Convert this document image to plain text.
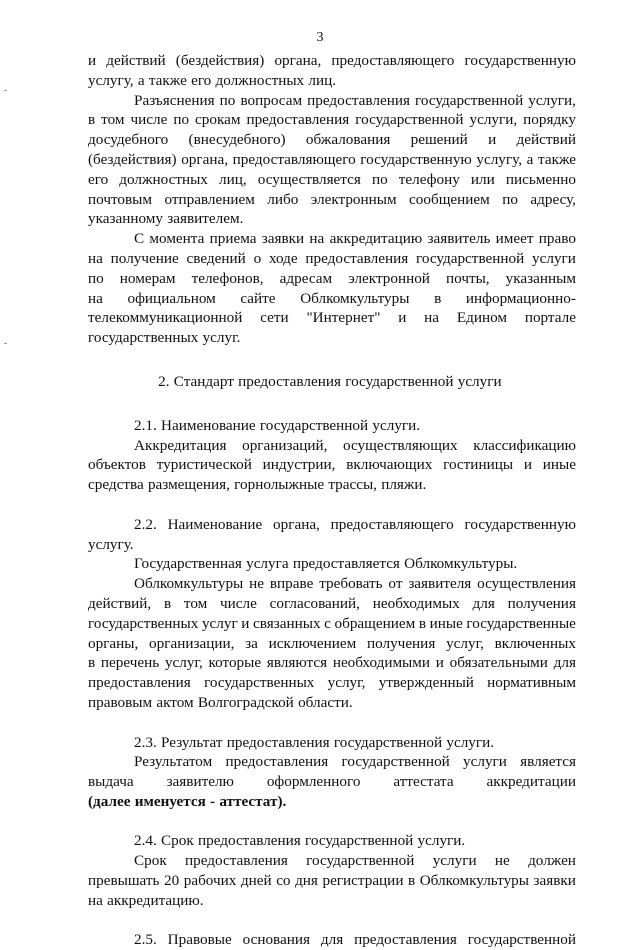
3
и действий (бездействия) органа, предоставляющего государственную
услугу, а также его должностных лиц.
Разъяснения по вопросам предоставления государственной услуги,
в том числе по срокам предоставления государственной услуги, порядку
досудебного (внесудебного) обжалования решений и действий
(бездействия) органа, предоставляющего государственную услугу, а также
его должностных лиц, осуществляется по телефону или письменно
почтовым отправлением либо электронным сообщением по адресу,
указанному заявителем.
С момента приема заявки на аккредитацию заявитель имеет право
на получение сведений о ходе предоставления государственной услуги
по номерам телефонов, адресам электронной почты, указанным
на официальном сайте Облкомкультуры в информационно-
телекоммуникационной сети "Интернет" и на Едином портале
государственных услуг.
2. Стандарт предоставления государственной услуги
2.1. Наименование государственной услуги.
Аккредитация организаций, осуществляющих классификацию
объектов туристической индустрии, включающих гостиницы и иные
средства размещения, горнолыжные трассы, пляжи.
2.2. Наименование органа, предоставляющего государственную
услугу.
Государственная услуга предоставляется Облкомкультуры.
Облкомкультуры не вправе требовать от заявителя осуществления
действий, в том числе согласований, необходимых для получения
государственных услуг и связанных с обращением в иные государственные
органы, организации, за исключением получения услуг, включенных
в перечень услуг, которые являются необходимыми и обязательными для
предоставления государственных услуг, утвержденный нормативным
правовым актом Волгоградской области.
2.3. Результат предоставления государственной услуги.
Результатом предоставления государственной услуги является
выдача заявителю оформленного аттестата аккредитации
(далее именуется - аттестат).
2.4. Срок предоставления государственной услуги.
Срок предоставления государственной услуги не должен
превышать 20 рабочих дней со дня регистрации в Облкомкультуры заявки
на аккредитацию.
2.5. Правовые основания для предоставления государственной
